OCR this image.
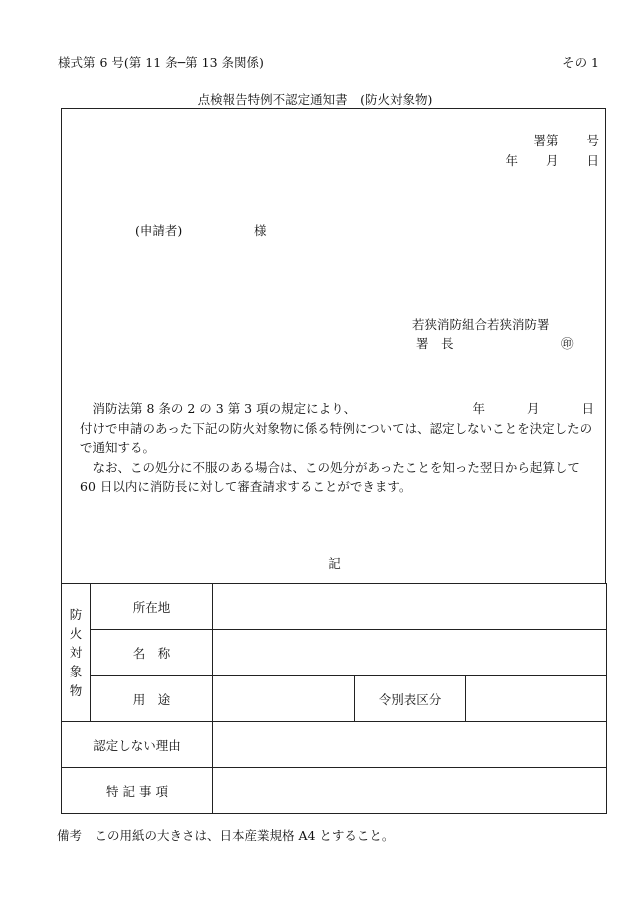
様式第 6 号(第 11 条─第 13 条関係)	その 1
点検報告特例不認定通知書　(防火対象物)
署第 号
年 月 日
(申請者)	様
若狭消防組合若狭消防署
署　長	㊞
消防法第 8 条の 2 の 3 第 3 項の規定により、	年	月	日
付けで申請のあった下記の防火対象物に係る特例については、認定しないことを決定したので通知する。
なお、この処分に不服のある場合は、この処分があったことを知った翌日から起算して 60 日以内に消防長に対して審査請求することができます。
記
防
火
対
象
物	所在地			
	名　称			
	用　途		令別表区分	
認定しない理由				
特 記 事 項				
備考　この用紙の大きさは、日本産業規格 A4 とすること。
